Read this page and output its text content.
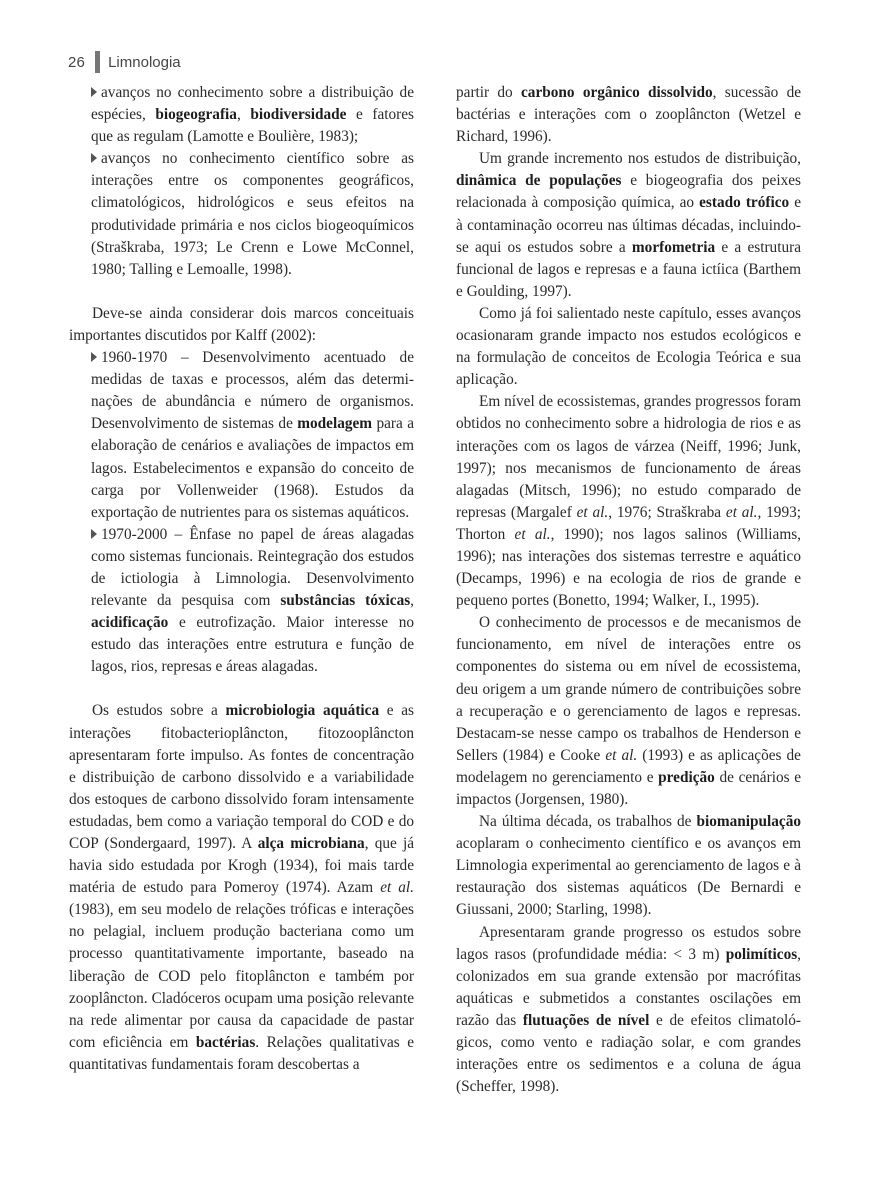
26 Limnologia

avanços no conhecimento sobre a distribuição de espécies, biogeografia, biodiversidade e fatores que as regulam (Lamotte e Boulière, 1983);

avanços no conhecimento científico sobre as interações entre os componentes geográficos, climatológicos, hidrológicos e seus efeitos na produtividade primária e nos ciclos biogeoquímicos (Straškraba, 1973; Le Crenn e Lowe McConnel, 1980; Talling e Lemoalle, 1998).

Deve-se ainda considerar dois marcos conceituais importantes discutidos por Kalff (2002):

1960-1970 – Desenvolvimento acentuado de medidas de taxas e processos, além das determinações de abundância e número de organismos. Desenvolvimento de sistemas de modelagem para a elaboração de cenários e avaliações de impactos em lagos. Estabelecimentos e expansão do conceito de carga por Vollenweider (1968). Estudos da exportação de nutrientes para os sistemas aquáticos.

1970-2000 – Ênfase no papel de áreas alagadas como sistemas funcionais. Reintegração dos estudos de ictiologia à Limnologia. Desenvolvimento relevante da pesquisa com substâncias tóxicas, acidificação e eutrofização. Maior interesse no estudo das interações entre estrutura e função de lagos, rios, represas e áreas alagadas.

Os estudos sobre a microbiologia aquática e as interações fitobacterioplâncton, fitozooplâncton apresentaram forte impulso. As fontes de concentração e distribuição de carbono dissolvido e a variabilidade dos estoques de carbono dissolvido foram intensamente estudadas, bem como a variação temporal do COD e do COP (Sondergaard, 1997). A alça microbiana, que já havia sido estudada por Krogh (1934), foi mais tarde matéria de estudo para Pomeroy (1974). Azam et al. (1983), em seu modelo de relações tróficas e interações no pelagial, incluem produção bacteriana como um processo quantitativamente importante, baseado na liberação de COD pelo fitoplâncton e também por zooplâncton. Cladóceros ocupam uma posição relevante na rede alimentar por causa da capacidade de pastar com eficiência em bactérias. Relações qualitativas e quantitativas fundamentais foram descobertas a

partir do carbono orgânico dissolvido, sucessão de bactérias e interações com o zooplâncton (Wetzel e Richard, 1996).

Um grande incremento nos estudos de distribuição, dinâmica de populações e biogeografia dos peixes relacionada à composição química, ao estado trófico e à contaminação ocorreu nas últimas décadas, incluindo-se aqui os estudos sobre a morfometria e a estrutura funcional de lagos e represas e a fauna ictíica (Barthem e Goulding, 1997).

Como já foi salientado neste capítulo, esses avanços ocasionaram grande impacto nos estudos ecológicos e na formulação de conceitos de Ecologia Teórica e sua aplicação.

Em nível de ecossistemas, grandes progressos foram obtidos no conhecimento sobre a hidrologia de rios e as interações com os lagos de várzea (Neiff, 1996; Junk, 1997); nos mecanismos de funcionamento de áreas alagadas (Mitsch, 1996); no estudo comparado de represas (Margalef et al., 1976; Straškraba et al., 1993; Thorton et al., 1990); nos lagos salinos (Williams, 1996); nas interações dos sistemas terrestre e aquático (Decamps, 1996) e na ecologia de rios de grande e pequeno portes (Bonetto, 1994; Walker, I., 1995).

O conhecimento de processos e de mecanismos de funcionamento, em nível de interações entre os componentes do sistema ou em nível de ecossistema, deu origem a um grande número de contribuições sobre a recuperação e o gerenciamento de lagos e represas. Destacam-se nesse campo os trabalhos de Henderson e Sellers (1984) e Cooke et al. (1993) e as aplicações de modelagem no gerenciamento e predição de cenários e impactos (Jorgensen, 1980).

Na última década, os trabalhos de biomanipulação acoplaram o conhecimento científico e os avanços em Limnologia experimental ao gerenciamento de lagos e à restauração dos sistemas aquáticos (De Bernardi e Giussani, 2000; Starling, 1998).

Apresentaram grande progresso os estudos sobre lagos rasos (profundidade média: < 3 m) polimíticos, colonizados em sua grande extensão por macrófitas aquáticas e submetidos a constantes oscilações em razão das flutuações de nível e de efeitos climatológicos, como vento e radiação solar, e com grandes interações entre os sedimentos e a coluna de água (Scheffer, 1998).
